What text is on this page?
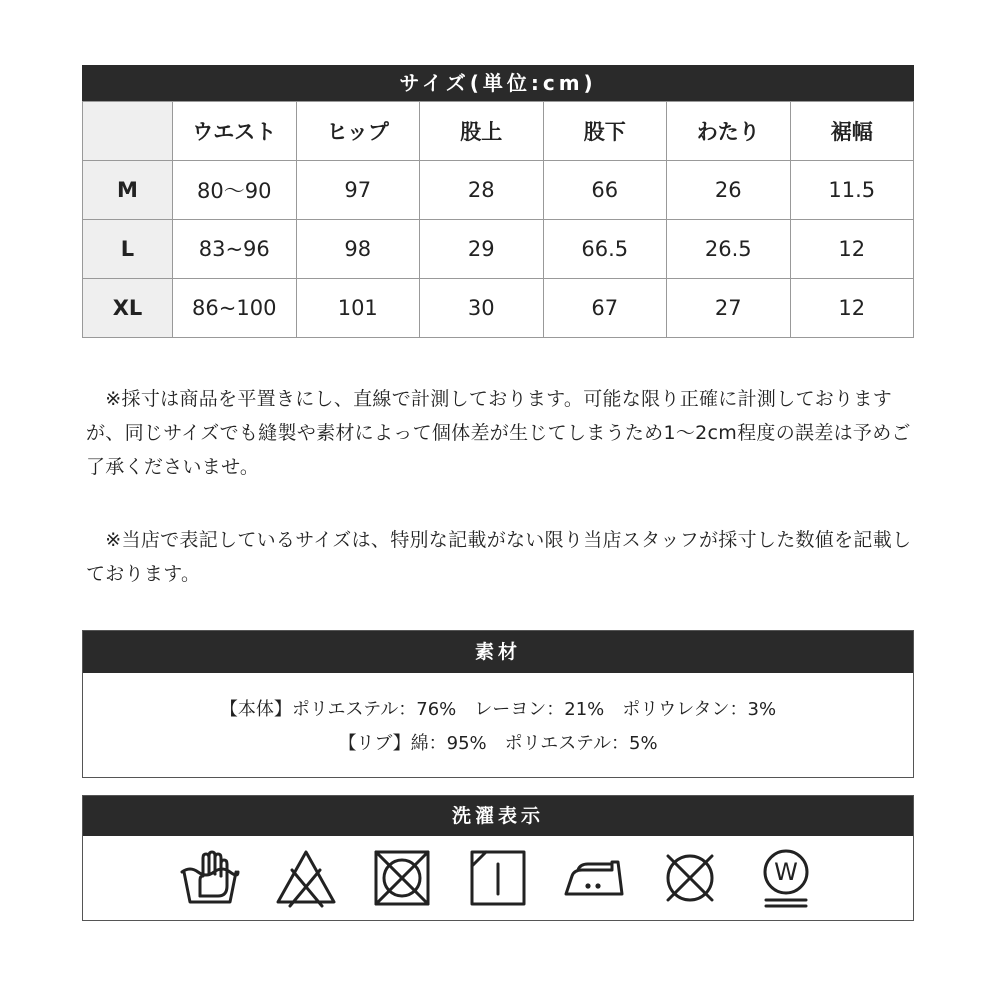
サイズ(単位:cm)
	ウエスト	ヒップ	股上	股下	わたり	裾幅
M	80〜90	97	28	66	26	11.5
L	83~96	98	29	66.5	26.5	12
XL	86~100	101	30	67	27	12
　※採寸は商品を平置きにし、直線で計測しております。可能な限り正確に計測しておりますが、同じサイズでも縫製や素材によって個体差が生じてしまうため1〜2cm程度の誤差は予めご了承くださいませ。
　※当店で表記しているサイズは、特別な記載がない限り当店スタッフが採寸した数値を記載しております。
素材
【本体】ポリエステル：76%　レーヨン：21%　ポリウレタン：3%
【リブ】綿：95%　ポリエステル：5%
洗濯表示
W
